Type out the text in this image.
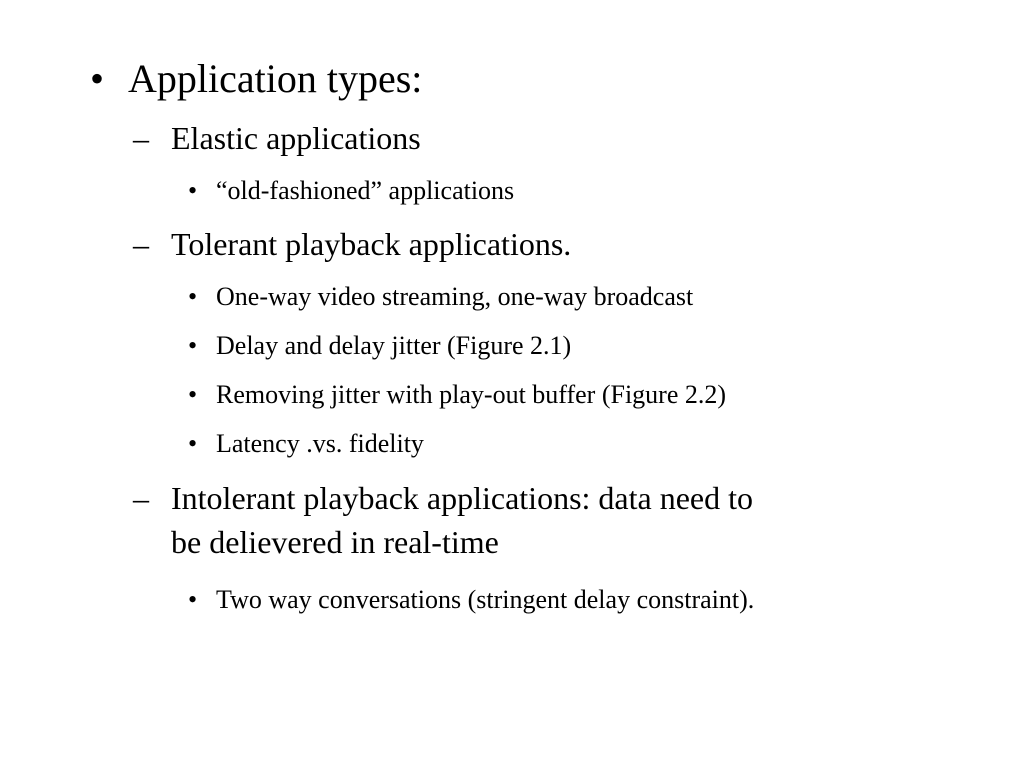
• Application types:
– Elastic applications
• “old-fashioned” applications
– Tolerant playback applications.
• One-way video streaming, one-way broadcast
• Delay and delay jitter (Figure 2.1)
• Removing jitter with play-out buffer (Figure 2.2)
• Latency .vs. fidelity
– Intolerant playback applications: data need to
be delievered in real-time
• Two way conversations (stringent delay constraint).
